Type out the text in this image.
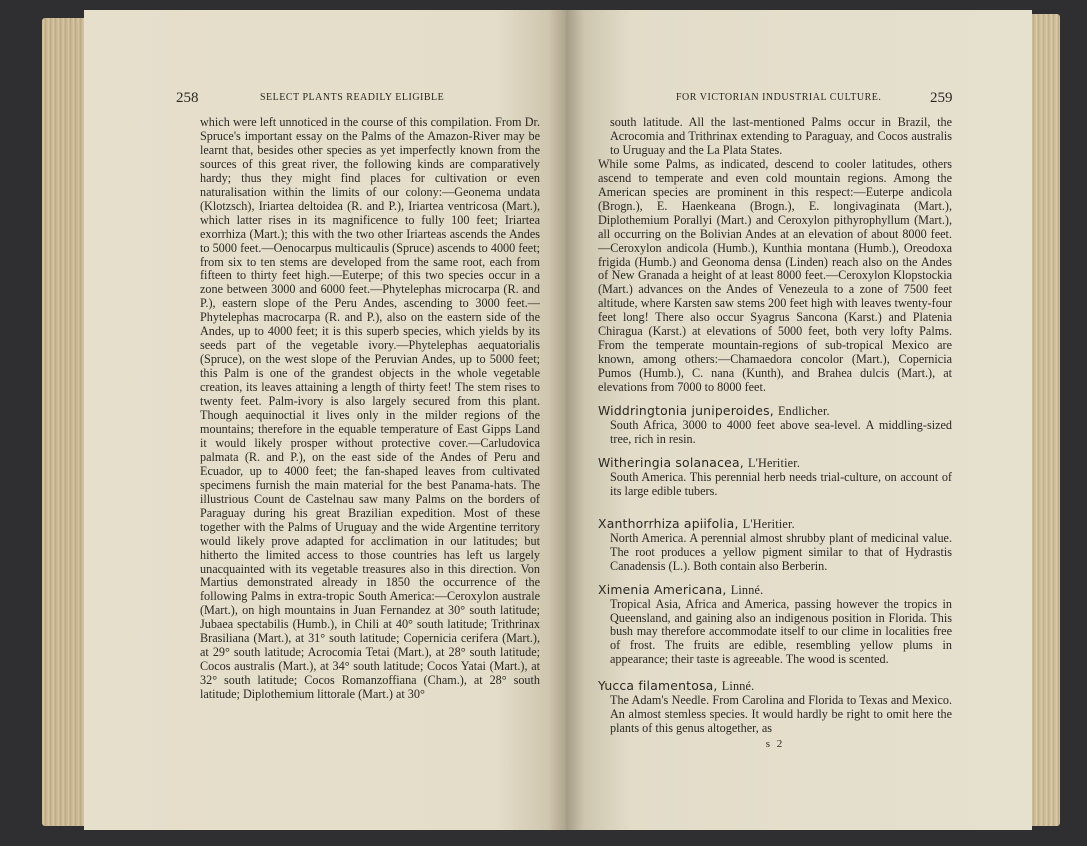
258	SELECT PLANTS READILY ELIGIBLE

which were left unnoticed in the course of this compilation. From Dr. Spruce's important essay on the Palms of the Amazon-River may be learnt that, besides other species as yet imperfectly known from the sources of this great river, the following kinds are comparatively hardy; thus they might find places for cultivation or even naturalisation within the limits of our colony:—Geonema undata (Klotzsch), Iriartea deltoidea (R. and P.), Iriartea ventricosa (Mart.), which latter rises in its magnificence to fully 100 feet; Iriartea exorrhiza (Mart.); this with the two other Iriarteas ascends the Andes to 5000 feet.—Oenocarpus multicaulis (Spruce) ascends to 4000 feet; from six to ten stems are developed from the same root, each from fifteen to thirty feet high.—Euterpe; of this two species occur in a zone between 3000 and 6000 feet.—Phytelephas microcarpa (R. and P.), eastern slope of the Peru Andes, ascending to 3000 feet.—Phytelephas macrocarpa (R. and P.), also on the eastern side of the Andes, up to 4000 feet; it is this superb species, which yields by its seeds part of the vegetable ivory.—Phytelephas aequatorialis (Spruce), on the west slope of the Peruvian Andes, up to 5000 feet; this Palm is one of the grandest objects in the whole vegetable creation, its leaves attaining a length of thirty feet! The stem rises to twenty feet. Palm-ivory is also largely secured from this plant. Though aequinoctial it lives only in the milder regions of the mountains; therefore in the equable temperature of East Gipps Land it would likely prosper without protective cover.—Carludovica palmata (R. and P.), on the east side of the Andes of Peru and Ecuador, up to 4000 feet; the fan-shaped leaves from cultivated specimens furnish the main material for the best Panama-hats. The illustrious Count de Castelnau saw many Palms on the borders of Paraguay during his great Brazilian expedition. Most of these together with the Palms of Uruguay and the wide Argentine territory would likely prove adapted for acclimation in our latitudes; but hitherto the limited access to those countries has left us largely unacquainted with its vegetable treasures also in this direction. Von Martius demonstrated already in 1850 the occurrence of the following Palms in extra-tropic South America:—Ceroxylon australe (Mart.), on high mountains in Juan Fernandez at 30° south latitude; Jubaea spectabilis (Humb.), in Chili at 40° south latitude; Trithrinax Brasiliana (Mart.), at 31° south latitude; Copernicia cerifera (Mart.), at 29° south latitude; Acrocomia Tetai (Mart.), at 28° south latitude; Cocos australis (Mart.), at 34° south latitude; Cocos Yatai (Mart.), at 32° south latitude; Cocos Romanzoffiana (Cham.), at 28° south latitude; Diplothemium littorale (Mart.) at 30°

FOR VICTORIAN INDUSTRIAL CULTURE.	259

south latitude. All the last-mentioned Palms occur in Brazil, the Acrocomia and Trithrinax extending to Paraguay, and Cocos australis to Uruguay and the La Plata States.

While some Palms, as indicated, descend to cooler latitudes, others ascend to temperate and even cold mountain regions. Among the American species are prominent in this respect:—Euterpe andicola (Brogn.), E. Haenkeana (Brogn.), E. longivaginata (Mart.), Diplothemium Porallyi (Mart.) and Ceroxylon pithyrophyllum (Mart.), all occurring on the Bolivian Andes at an elevation of about 8000 feet.—Ceroxylon andicola (Humb.), Kunthia montana (Humb.), Oreodoxa frigida (Humb.) and Geonoma densa (Linden) reach also on the Andes of New Granada a height of at least 8000 feet.—Ceroxylon Klopstockia (Mart.) advances on the Andes of Venezeula to a zone of 7500 feet altitude, where Karsten saw stems 200 feet high with leaves twenty-four feet long! There also occur Syagrus Sancona (Karst.) and Platenia Chiragua (Karst.) at elevations of 5000 feet, both very lofty Palms. From the temperate mountain-regions of sub-tropical Mexico are known, among others:—Chamaedora concolor (Mart.), Copernicia Pumos (Humb.), C. nana (Kunth), and Brahea dulcis (Mart.), at elevations from 7000 to 8000 feet.

Widdringtonia juniperoides, Endlicher.
South Africa, 3000 to 4000 feet above sea-level. A middling-sized tree, rich in resin.
Witheringia solanacea, L'Heritier.
South America. This perennial herb needs trial-culture, on account of its large edible tubers.
Xanthorrhiza apiifolia, L'Heritier.
North America. A perennial almost shrubby plant of medicinal value. The root produces a yellow pigment similar to that of Hydrastis Canadensis (L.). Both contain also Berberin.
Ximenia Americana, Linné.
Tropical Asia, Africa and America, passing however the tropics in Queensland, and gaining also an indigenous position in Florida. This bush may therefore accommodate itself to our clime in localities free of frost. The fruits are edible, resembling yellow plums in appearance; their taste is agreeable. The wood is scented.
Yucca filamentosa, Linné.
The Adam's Needle. From Carolina and Florida to Texas and Mexico. An almost stemless species. It would hardly be right to omit here the plants of this genus altogether, as
s 2
